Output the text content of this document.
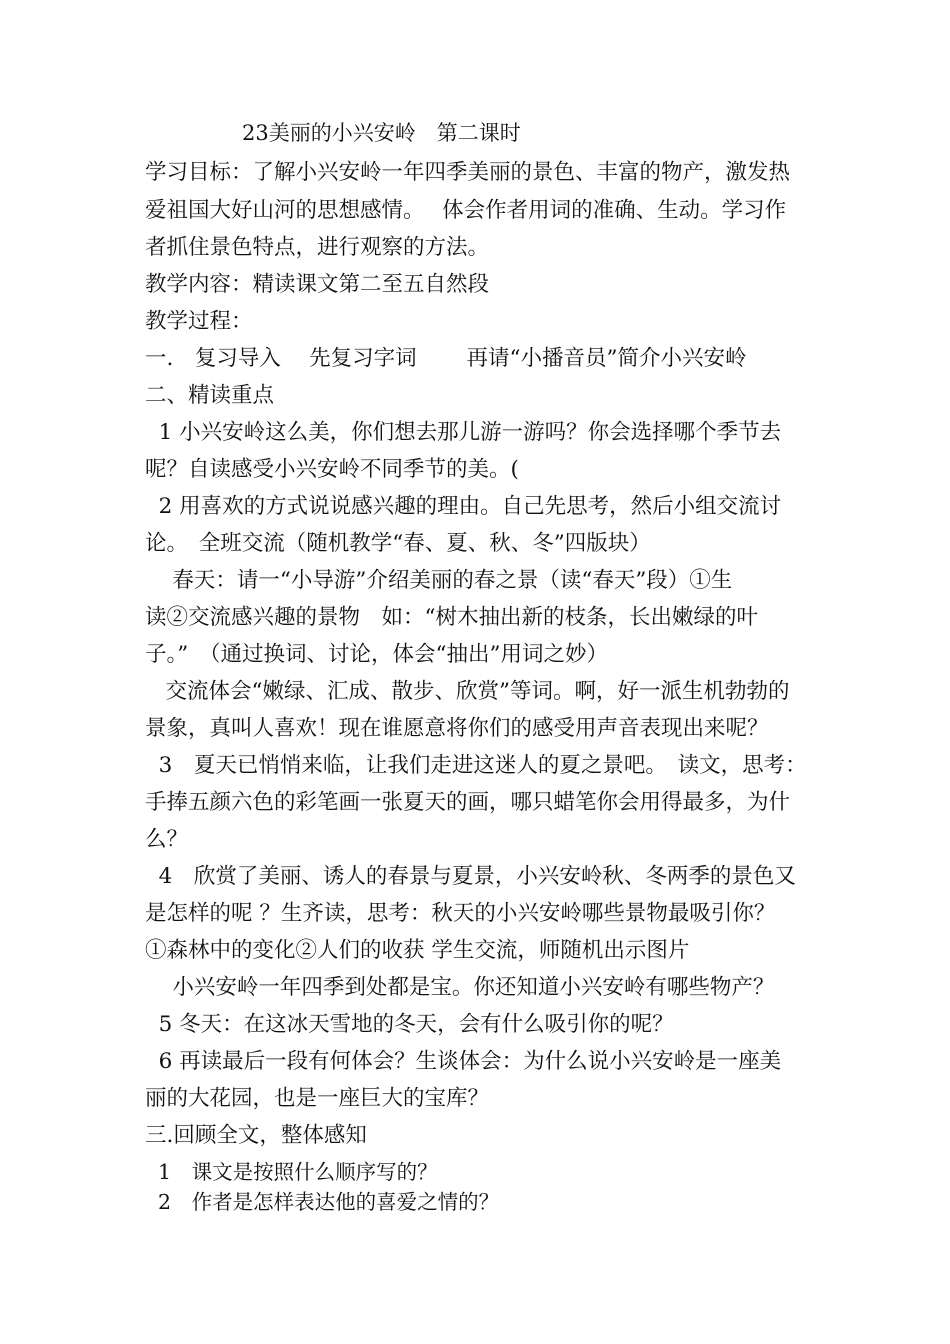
23美丽的小兴安岭　第二课时
学习目标：了解小兴安岭一年四季美丽的景色、丰富的物产，激发热
爱祖国大好山河的思想感情。　 体会作者用词的准确、生动。学习作
者抓住景色特点，进行观察的方法。
教学内容：精读课文第二至五自然段
教学过程：
一.　复习导入　 先复习字词　 　再请“小播音员”简介小兴安岭
二、精读重点
1 小兴安岭这么美，你们想去那儿游一游吗？你会选择哪个季节去
呢？自读感受小兴安岭不同季节的美。(
2 用喜欢的方式说说感兴趣的理由。自己先思考，然后小组交流讨
论。　全班交流（随机教学“春、夏、秋、冬”四版块）
春天：请一“小导游”介绍美丽的春之景（读“春天”段）①生
读②交流感兴趣的景物　如：“树木抽出新的枝条，长出嫩绿的叶
子。”　（通过换词、讨论，体会“抽出”用词之妙）
交流体会“嫩绿、汇成、散步、欣赏”等词。啊，好一派生机勃勃的
景象，真叫人喜欢！现在谁愿意将你们的感受用声音表现出来呢？
3　夏天已悄悄来临，让我们走进这迷人的夏之景吧。　读文，思考：
手捧五颜六色的彩笔画一张夏天的画，哪只蜡笔你会用得最多，为什
么？
4　欣赏了美丽、诱人的春景与夏景，小兴安岭秋、冬两季的景色又
是怎样的呢 ？生齐读，思考：秋天的小兴安岭哪些景物最吸引你？
①森林中的变化②人们的收获 学生交流，师随机出示图片
小兴安岭一年四季到处都是宝。你还知道小兴安岭有哪些物产？
5 冬天：在这冰天雪地的冬天，会有什么吸引你的呢？
6 再读最后一段有何体会？生谈体会：为什么说小兴安岭是一座美
丽的大花园，也是一座巨大的宝库？
三.回顾全文，整体感知
1　课文是按照什么顺序写的？
2　作者是怎样表达他的喜爱之情的？
